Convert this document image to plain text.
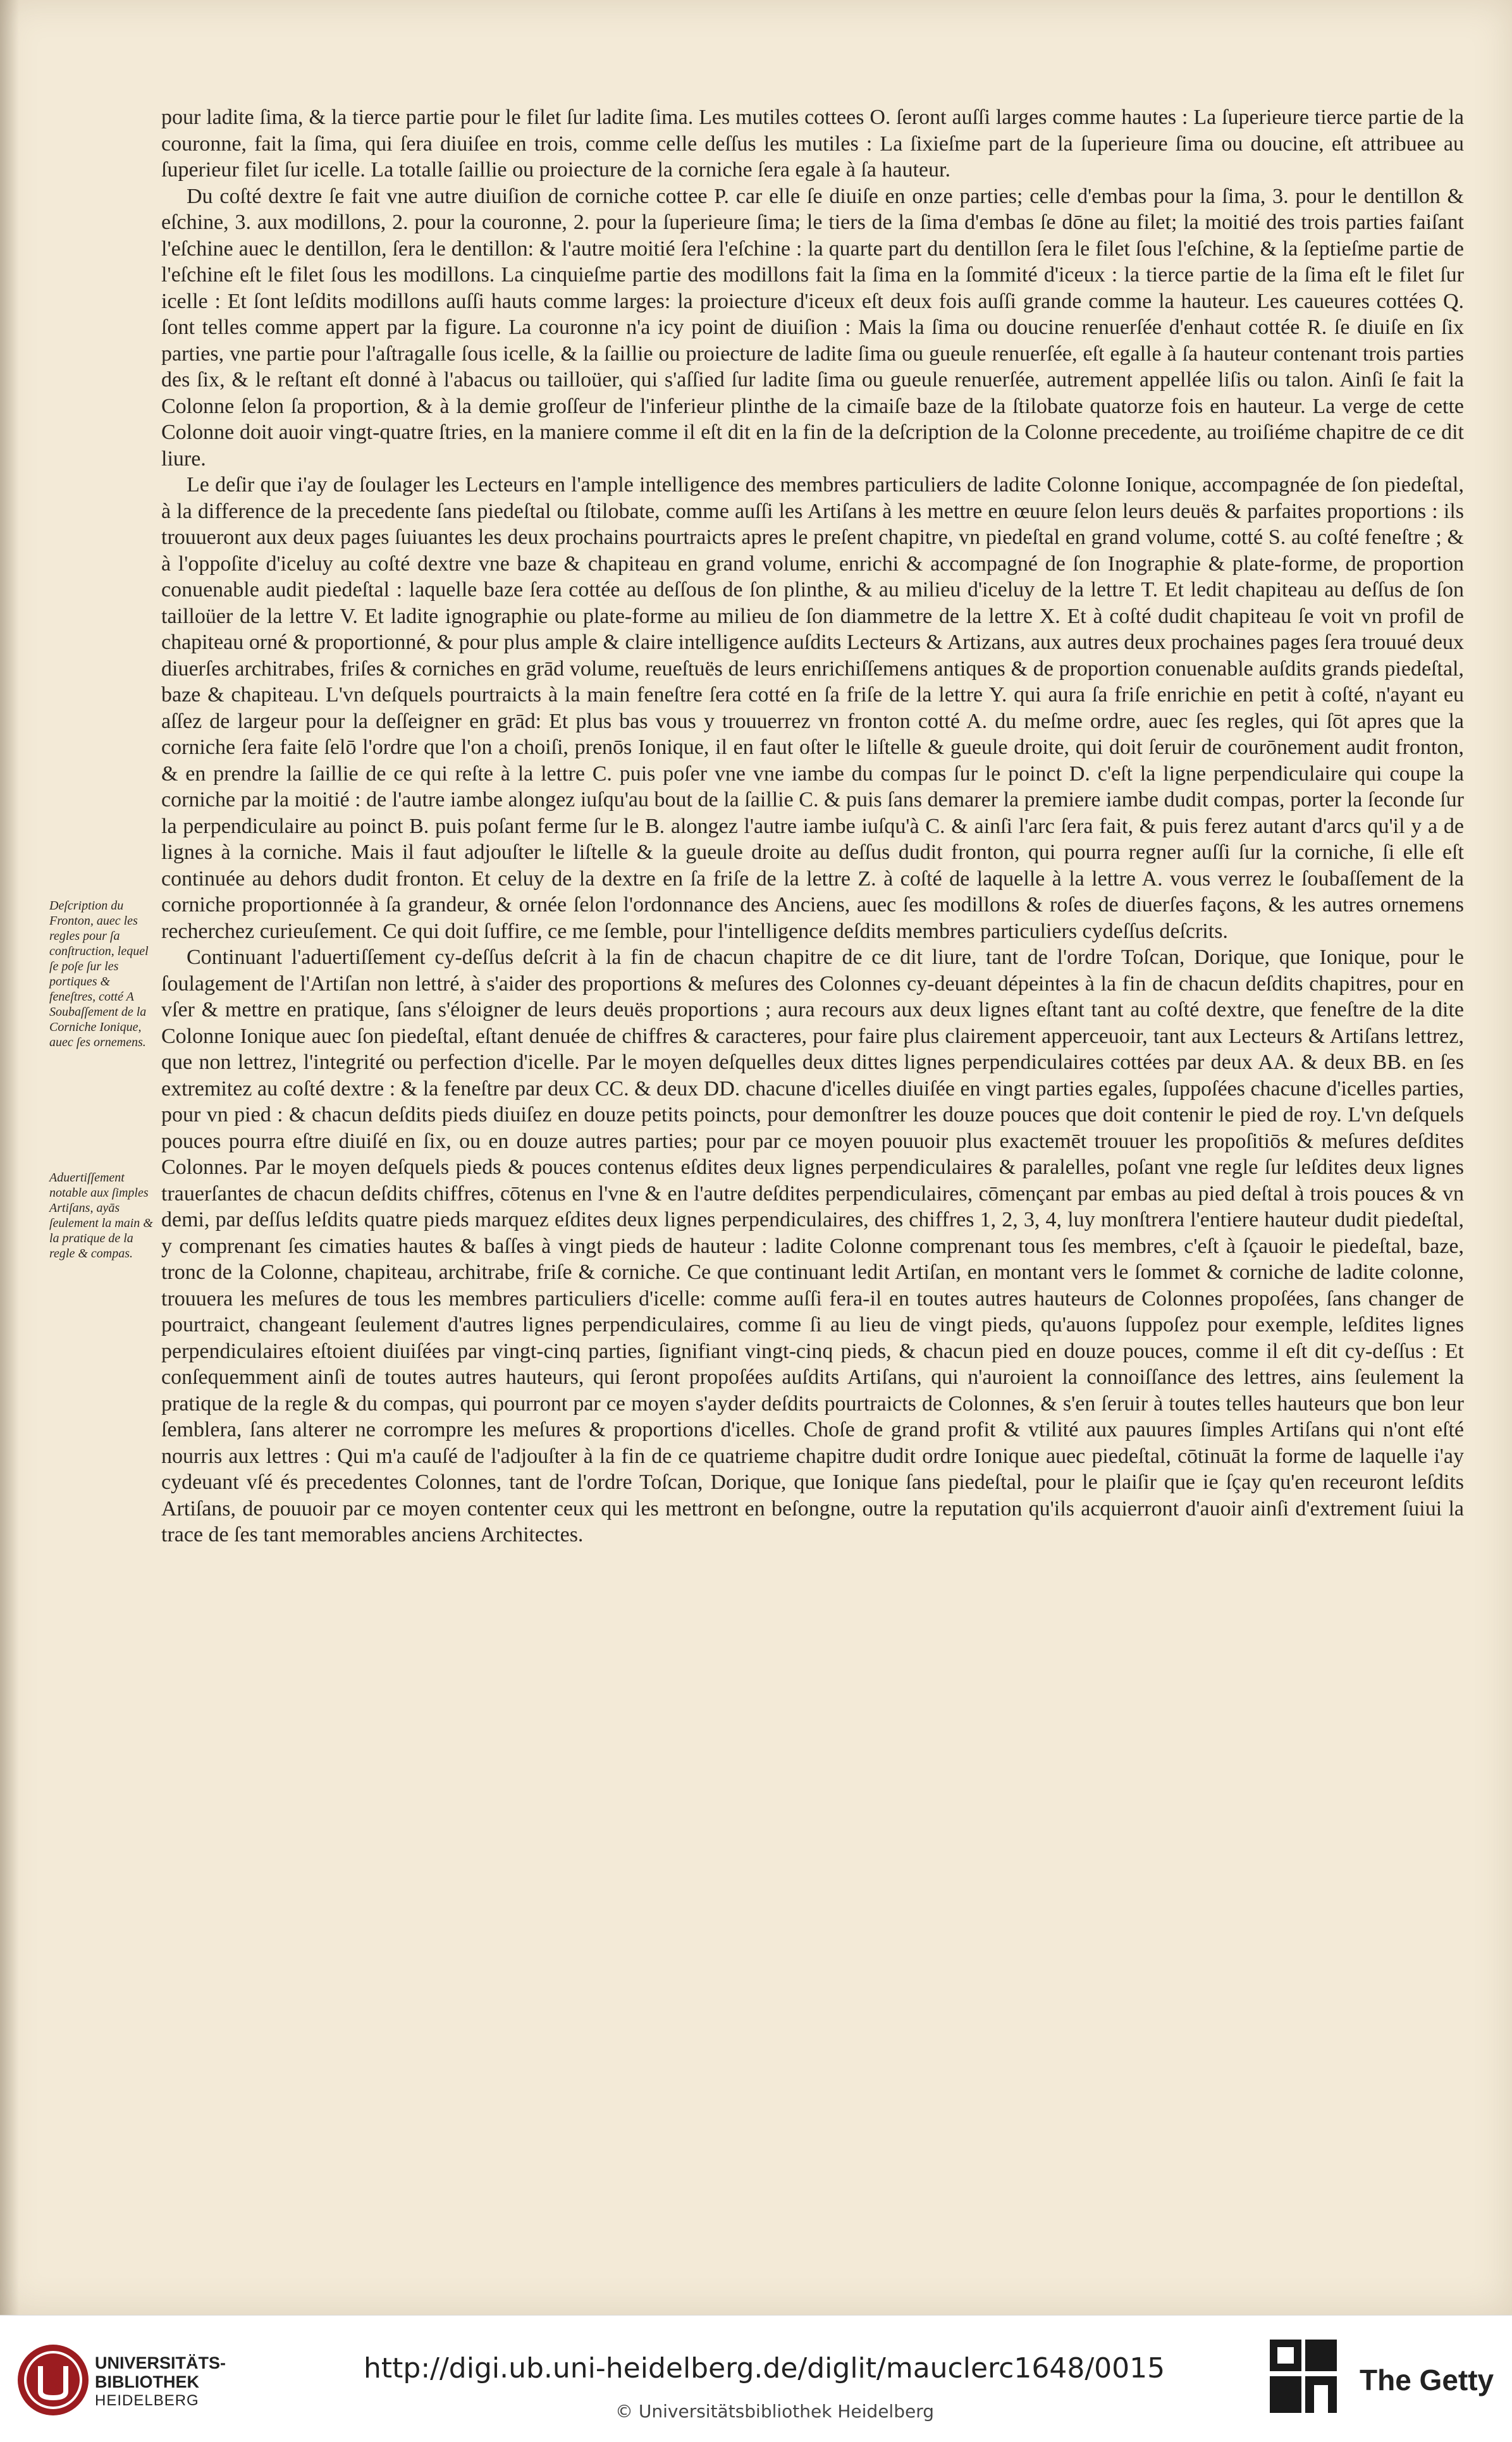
Deſcription du Fronton, auec les regles pour ſa conſtruction, lequel ſe poſe ſur les portiques & feneſtres, cotté A Soubaſſement de la Corniche Ionique, auec ſes ornemens.

Aduertiſſement notable aux ſimples Artiſans, ayās ſeulement la main & la pratique de la regle & compas.

pour ladite ſima, & la tierce partie pour le filet ſur ladite ſima. Les mutiles cottees O. ſeront auſſi larges comme hautes : La ſuperieure tierce partie de la couronne, fait la ſima, qui ſera diuiſee en trois, comme celle deſſus les mutiles : La ſixieſme part de la ſuperieure ſima ou doucine, eſt attribuee au ſuperieur filet ſur icelle. La totalle ſaillie ou proiecture de la corniche ſera egale à ſa hauteur.

Du coſté dextre ſe fait vne autre diuiſion de corniche cottee P. car elle ſe diuiſe en onze parties; celle d'embas pour la ſima, 3. pour le dentillon & eſchine, 3. aux modillons, 2. pour la couronne, 2. pour la ſuperieure ſima; le tiers de la ſima d'embas ſe dōne au filet; la moitié des trois parties faiſant l'eſchine auec le dentillon, ſera le dentillon: & l'autre moitié ſera l'eſchine : la quarte part du dentillon ſera le filet ſous l'eſchine, & la ſeptieſme partie de l'eſchine eſt le filet ſous les modillons. La cinquieſme partie des modillons fait la ſima en la ſommité d'iceux : la tierce partie de la ſima eſt le filet ſur icelle : Et ſont leſdits modillons auſſi hauts comme larges: la proiecture d'iceux eſt deux fois auſſi grande comme la hauteur. Les caueures cottées Q. ſont telles comme appert par la figure. La couronne n'a icy point de diuiſion : Mais la ſima ou doucine renuerſée d'enhaut cottée R. ſe diuiſe en ſix parties, vne partie pour l'aſtragalle ſous icelle, & la ſaillie ou proiecture de ladite ſima ou gueule renuerſée, eſt egalle à ſa hauteur contenant trois parties des ſix, & le reſtant eſt donné à l'abacus ou tailloüer, qui s'aſſied ſur ladite ſima ou gueule renuerſée, autrement appellée liſis ou talon. Ainſi ſe fait la Colonne ſelon ſa proportion, & à la demie groſſeur de l'inferieur plinthe de la cimaiſe baze de la ſtilobate quatorze fois en hauteur. La verge de cette Colonne doit auoir vingt-quatre ſtries, en la maniere comme il eſt dit en la fin de la deſcription de la Colonne precedente, au troiſiéme chapitre de ce dit liure.

Le deſir que i'ay de ſoulager les Lecteurs en l'ample intelligence des membres particuliers de ladite Colonne Ionique, accompagnée de ſon piedeſtal, à la difference de la precedente ſans piedeſtal ou ſtilobate, comme auſſi les Artiſans à les mettre en œuure ſelon leurs deuës & parfaites proportions : ils trouueront aux deux pages ſuiuantes les deux prochains pourtraicts apres le preſent chapitre, vn piedeſtal en grand volume, cotté S. au coſté feneſtre ; & à l'oppoſite d'iceluy au coſté dextre vne baze & chapiteau en grand volume, enrichi & accompagné de ſon Inographie & plate-forme, de proportion conuenable audit piedeſtal : laquelle baze ſera cottée au deſſous de ſon plinthe, & au milieu d'iceluy de la lettre T. Et ledit chapiteau au deſſus de ſon tailloüer de la lettre V. Et ladite ignographie ou plate-forme au milieu de ſon diammetre de la lettre X. Et à coſté dudit chapiteau ſe voit vn profil de chapiteau orné & proportionné, & pour plus ample & claire intelligence auſdits Lecteurs & Artizans, aux autres deux prochaines pages ſera trouué deux diuerſes architrabes, friſes & corniches en grād volume, reueſtuës de leurs enrichiſſemens antiques & de proportion conuenable auſdits grands piedeſtal, baze & chapiteau. L'vn deſquels pourtraicts à la main feneſtre ſera cotté en ſa friſe de la lettre Y. qui aura ſa friſe enrichie en petit à coſté, n'ayant eu aſſez de largeur pour la deſſeigner en grād: Et plus bas vous y trouuerrez vn fronton cotté A. du meſme ordre, auec ſes regles, qui ſōt apres que la corniche ſera faite ſelō l'ordre que l'on a choiſi, prenōs Ionique, il en faut oſter le liſtelle & gueule droite, qui doit ſeruir de courōnement audit fronton, & en prendre la ſaillie de ce qui reſte à la lettre C. puis poſer vne vne iambe du compas ſur le poinct D. c'eſt la ligne perpendiculaire qui coupe la corniche par la moitié : de l'autre iambe alongez iuſqu'au bout de la ſaillie C. & puis ſans demarer la premiere iambe dudit compas, porter la ſeconde ſur la perpendiculaire au poinct B. puis poſant ferme ſur le B. alongez l'autre iambe iuſqu'à C. & ainſi l'arc ſera fait, & puis ferez autant d'arcs qu'il y a de lignes à la corniche. Mais il faut adjouſter le liſtelle & la gueule droite au deſſus dudit fronton, qui pourra regner auſſi ſur la corniche, ſi elle eſt continuée au dehors dudit fronton. Et celuy de la dextre en ſa friſe de la lettre Z. à coſté de laquelle à la lettre A. vous verrez le ſoubaſſement de la corniche proportionnée à ſa grandeur, & ornée ſelon l'ordonnance des Anciens, auec ſes modillons & roſes de diuerſes façons, & les autres ornemens recherchez curieuſement. Ce qui doit ſuffire, ce me ſemble, pour l'intelligence deſdits membres particuliers cydeſſus deſcrits.

Continuant l'aduertiſſement cy-deſſus deſcrit à la fin de chacun chapitre de ce dit liure, tant de l'ordre Toſcan, Dorique, que Ionique, pour le ſoulagement de l'Artiſan non lettré, à s'aider des proportions & meſures des Colonnes cy-deuant dépeintes à la fin de chacun deſdits chapitres, pour en vſer & mettre en pratique, ſans s'éloigner de leurs deuës proportions ; aura recours aux deux lignes eſtant tant au coſté dextre, que feneſtre de la dite Colonne Ionique auec ſon piedeſtal, eſtant denuée de chiffres & caracteres, pour faire plus clairement apperceuoir, tant aux Lecteurs & Artiſans lettrez, que non lettrez, l'integrité ou perfection d'icelle. Par le moyen deſquelles deux dittes lignes perpendiculaires cottées par deux AA. & deux BB. en ſes extremitez au coſté dextre : & la feneſtre par deux CC. & deux DD. chacune d'icelles diuiſée en vingt parties egales, ſuppoſées chacune d'icelles parties, pour vn pied : & chacun deſdits pieds diuiſez en douze petits poincts, pour demonſtrer les douze pouces que doit contenir le pied de roy. L'vn deſquels pouces pourra eſtre diuiſé en ſix, ou en douze autres parties; pour par ce moyen pouuoir plus exactemēt trouuer les propoſitiōs & meſures deſdites Colonnes. Par le moyen deſquels pieds & pouces contenus eſdites deux lignes perpendiculaires & paralelles, poſant vne regle ſur leſdites deux lignes trauerſantes de chacun deſdits chiffres, cōtenus en l'vne & en l'autre deſdites perpendiculaires, cōmençant par embas au pied deſtal à trois pouces & vn demi, par deſſus leſdits quatre pieds marquez eſdites deux lignes perpendiculaires, des chiffres 1, 2, 3, 4, luy monſtrera l'entiere hauteur dudit piedeſtal, y comprenant ſes cimaties hautes & baſſes à vingt pieds de hauteur : ladite Colonne comprenant tous ſes membres, c'eſt à ſçauoir le piedeſtal, baze, tronc de la Colonne, chapiteau, architrabe, friſe & corniche. Ce que continuant ledit Artiſan, en montant vers le ſommet & corniche de ladite colonne, trouuera les meſures de tous les membres particuliers d'icelle: comme auſſi fera-il en toutes autres hauteurs de Colonnes propoſées, ſans changer de pourtraict, changeant ſeulement d'autres lignes perpendiculaires, comme ſi au lieu de vingt pieds, qu'auons ſuppoſez pour exemple, leſdites lignes perpendiculaires eſtoient diuiſées par vingt-cinq parties, ſignifiant vingt-cinq pieds, & chacun pied en douze pouces, comme il eſt dit cy-deſſus : Et conſequemment ainſi de toutes autres hauteurs, qui ſeront propoſées auſdits Artiſans, qui n'auroient la connoiſſance des lettres, ains ſeulement la pratique de la regle & du compas, qui pourront par ce moyen s'ayder deſdits pourtraicts de Colonnes, & s'en ſeruir à toutes telles hauteurs que bon leur ſemblera, ſans alterer ne corrompre les meſures & proportions d'icelles. Choſe de grand profit & vtilité aux pauures ſimples Artiſans qui n'ont eſté nourris aux lettres : Qui m'a cauſé de l'adjouſter à la fin de ce quatrieme chapitre dudit ordre Ionique auec piedeſtal, cōtinuāt la forme de laquelle i'ay cydeuant vſé és precedentes Colonnes, tant de l'ordre Toſcan, Dorique, que Ionique ſans piedeſtal, pour le plaiſir que ie ſçay qu'en receuront leſdits Artiſans, de pouuoir par ce moyen contenter ceux qui les mettront en beſongne, outre la reputation qu'ils acquierront d'auoir ainſi d'extrement ſuiui la trace de ſes tant memorables anciens Architectes.

UNIVERSITÄTS-
BIBLIOTHEK
HEIDELBERG
http://digi.ub.uni-heidelberg.de/diglit/mauclerc1648/0015
© Universitätsbibliothek Heidelberg
The Getty
